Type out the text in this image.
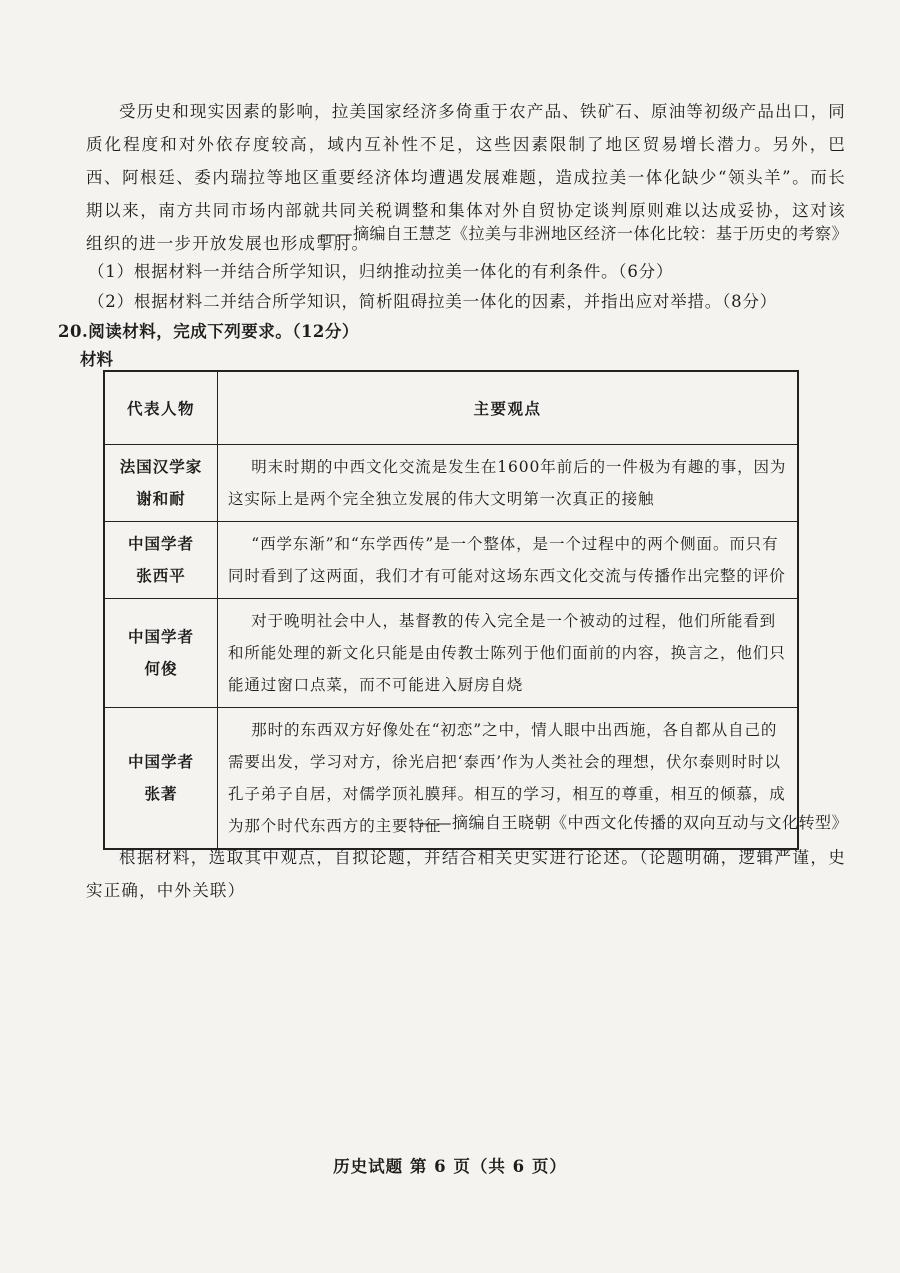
受历史和现实因素的影响，拉美国家经济多倚重于农产品、铁矿石、原油等初级产品出口，同质化程度和对外依存度较高，域内互补性不足，这些因素限制了地区贸易增长潜力。另外，巴西、阿根廷、委内瑞拉等地区重要经济体均遭遇发展难题，造成拉美一体化缺少“领头羊”。而长期以来，南方共同市场内部就共同关税调整和集体对外自贸协定谈判原则难以达成妥协，这对该组织的进一步开放发展也形成掣肘。

——摘编自王慧芝《拉美与非洲地区经济一体化比较：基于历史的考察》

（1）根据材料一并结合所学知识，归纳推动拉美一体化的有利条件。（6分）

（2）根据材料二并结合所学知识，简析阻碍拉美一体化的因素，并指出应对举措。（8分）

20.阅读材料，完成下列要求。（12分）

材料

代表人物	主要观点

法国汉学家
谢和耐	明末时期的中西文化交流是发生在1600年前后的一件极为有趣的事，因为这实际上是两个完全独立发展的伟大文明第一次真正的接触

中国学者
张西平	“西学东渐”和“东学西传”是一个整体，是一个过程中的两个侧面。而只有同时看到了这两面，我们才有可能对这场东西文化交流与传播作出完整的评价

中国学者
何俊	对于晚明社会中人，基督教的传入完全是一个被动的过程，他们所能看到和所能处理的新文化只能是由传教士陈列于他们面前的内容，换言之，他们只能通过窗口点菜，而不可能进入厨房自烧

中国学者
张著	那时的东西双方好像处在“初恋”之中，情人眼中出西施，各自都从自己的需要出发，学习对方，徐光启把‘泰西’作为人类社会的理想，伏尔泰则时时以孔子弟子自居，对儒学顶礼膜拜。相互的学习，相互的尊重，相互的倾慕，成为那个时代东西方的主要特征

——摘编自王晓朝《中西文化传播的双向互动与文化转型》

根据材料，选取其中观点，自拟论题，并结合相关史实进行论述。（论题明确，逻辑严谨，史实正确，中外关联）

历史试题 第 6 页（共 6 页）
